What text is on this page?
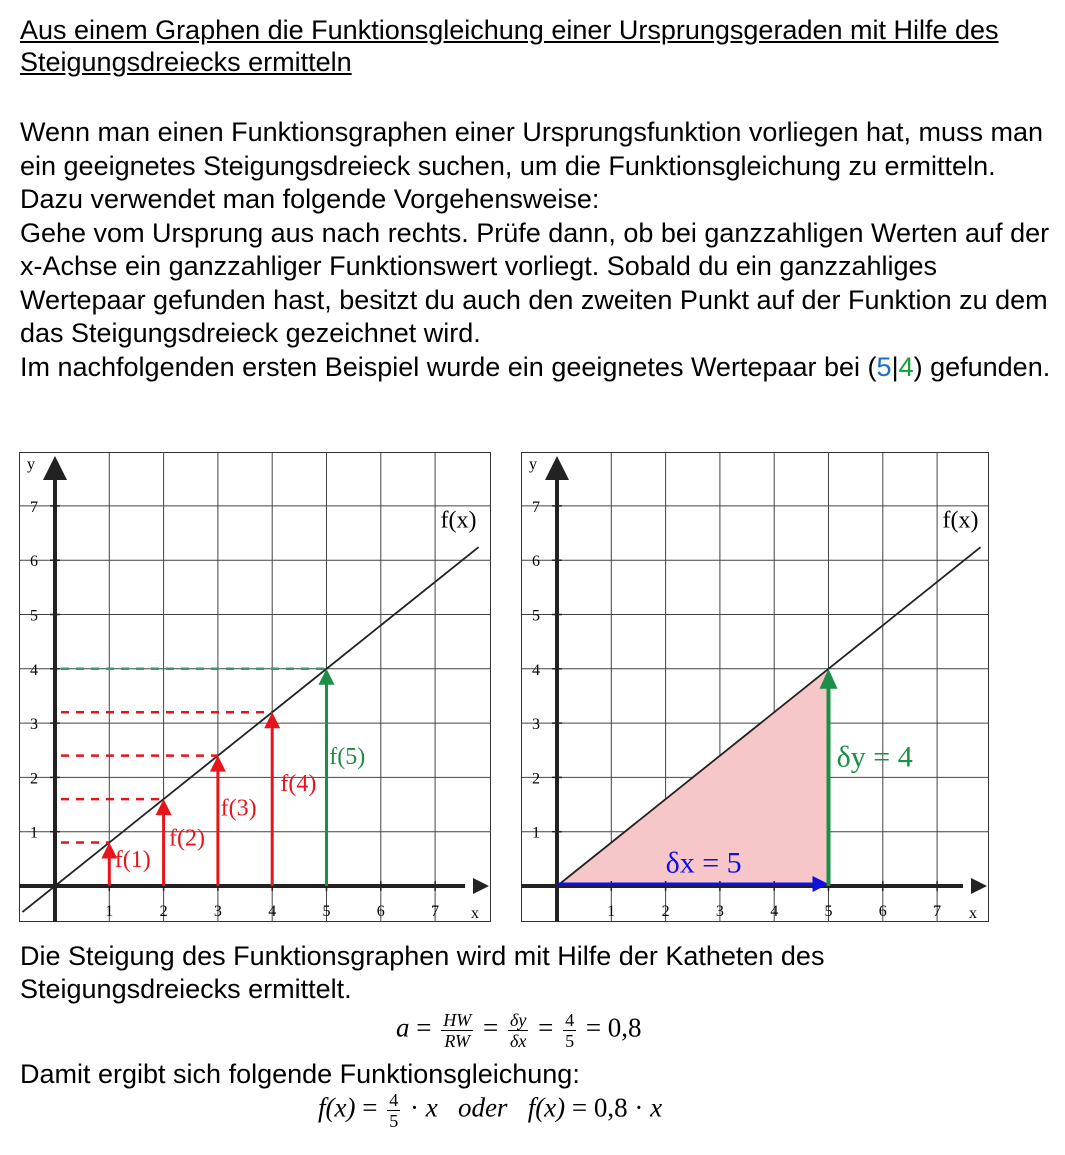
Aus einem Graphen die Funktionsgleichung einer Ursprungsgeraden mit Hilfe des Steigungsdreiecks ermitteln
Wenn man einen Funktionsgraphen einer Ursprungsfunktion vorliegen hat, muss man ein geeignetes Steigungsdreieck suchen, um die Funktionsgleichung zu ermitteln. Dazu verwendet man folgende Vorgehensweise:
Gehe vom Ursprung aus nach rechts. Prüfe dann, ob bei ganzzahligen Werten auf der x-Achse ein ganzzahliger Funktionswert vorliegt. Sobald du ein ganzzahliges Wertepaar gefunden hast, besitzt du auch den zweiten Punkt auf der Funktion zu dem das Steigungsdreieck gezeichnet wird.
Im nachfolgenden ersten Beispiel wurde ein geeignetes Wertepaar bei (5|4) gefunden.
1	2	3	4	5	6	7
1
2
3
4
5
6
7
x
y
f(x)
f(1)
f(2)
f(3)
f(4)
f(5)
1	2	3	4	5	6	7
1
2
3
4
5
6
7
x
y
f(x)
δx = 5
δy = 4

Die Steigung des Funktionsgraphen wird mit Hilfe der Katheten des Steigungsdreiecks ermittelt.

$a = \frac{HW}{RW} = \frac{\delta y}{\delta x} = \frac{4}{5} = 0,8$

Damit ergibt sich folgende Funktionsgleichung:

$f(x) = \frac{4}{5} \cdot x$ oder f(x) = 0,8 · x
